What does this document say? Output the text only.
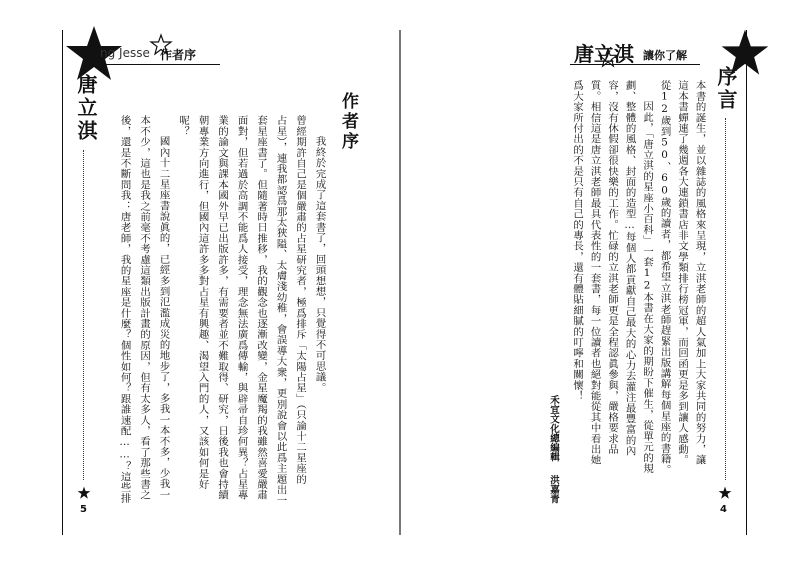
ng Jesse 作者序
唐立淇
5
作者序
我終於完成了這套書了，回頭想想，只覺得不可思議。
曾經期許自己是個嚴肅的占星研究者，極爲排斥「太陽占星」（只論十二星座的
占星），連我都認爲那太狹隘、太膚淺幼稚，會誤導大衆，更別說會以此爲主題出一
套星座書了。但隨著時日推移，我的觀念也逐漸改變，金星魔羯的我雖然喜愛嚴肅
面對，但若過於高調不能爲人接受，理念無法廣爲傳輸，與辟帚自珍何異？占星專
業的論文與課本國外早已出版許多，有需要者並不難取得、研究，日後我也會持續
朝專業方向進行，但國內這許多多對占星有興趣、渴望入門的人，又該如何是好
呢？
國內十二星座書說眞的，已經多到氾濫成災的地步了，多我一本不多，少我一
本不少，這也是我之前毫不考慮這類出版計畫的原因，但有太多人，看了那些書之
後，還是不斷問我：唐老師，我的星座是什麼？個性如何？跟誰速配……？這些排
唐立淇 讓你了解
序言
4
本書的誕生，並以雜誌的風格來呈現，立淇老師的超人氣加上大家共同的努力，讓
這本書蟬連了幾週各大連鎖書店非文學類排行榜冠軍，而回函更是多到讓人感動。
從12歲到50、60歲的讀者，都希望立淇老師趕緊出版講解每個星座的書籍。
因此，「唐立淇的星座小百科」一套12本書在大家的期盼下催生，從單元的規
劃、整體的風格、封面的造型…每個人都貢獻自己最大的心力去灌注最豐富的內
容，沒有休假卻很快樂的工作。忙碌的立淇老師更是全程認眞參與，嚴格要求品
質。相信這是唐立淇老師最具代表性的一套書，每一位讀者也絕對能從其中看出她
爲大家所付出的不是只有自己的專長，還有體貼細膩的叮嚀和關懷！
禾宜文化總編輯
洪嘉青
